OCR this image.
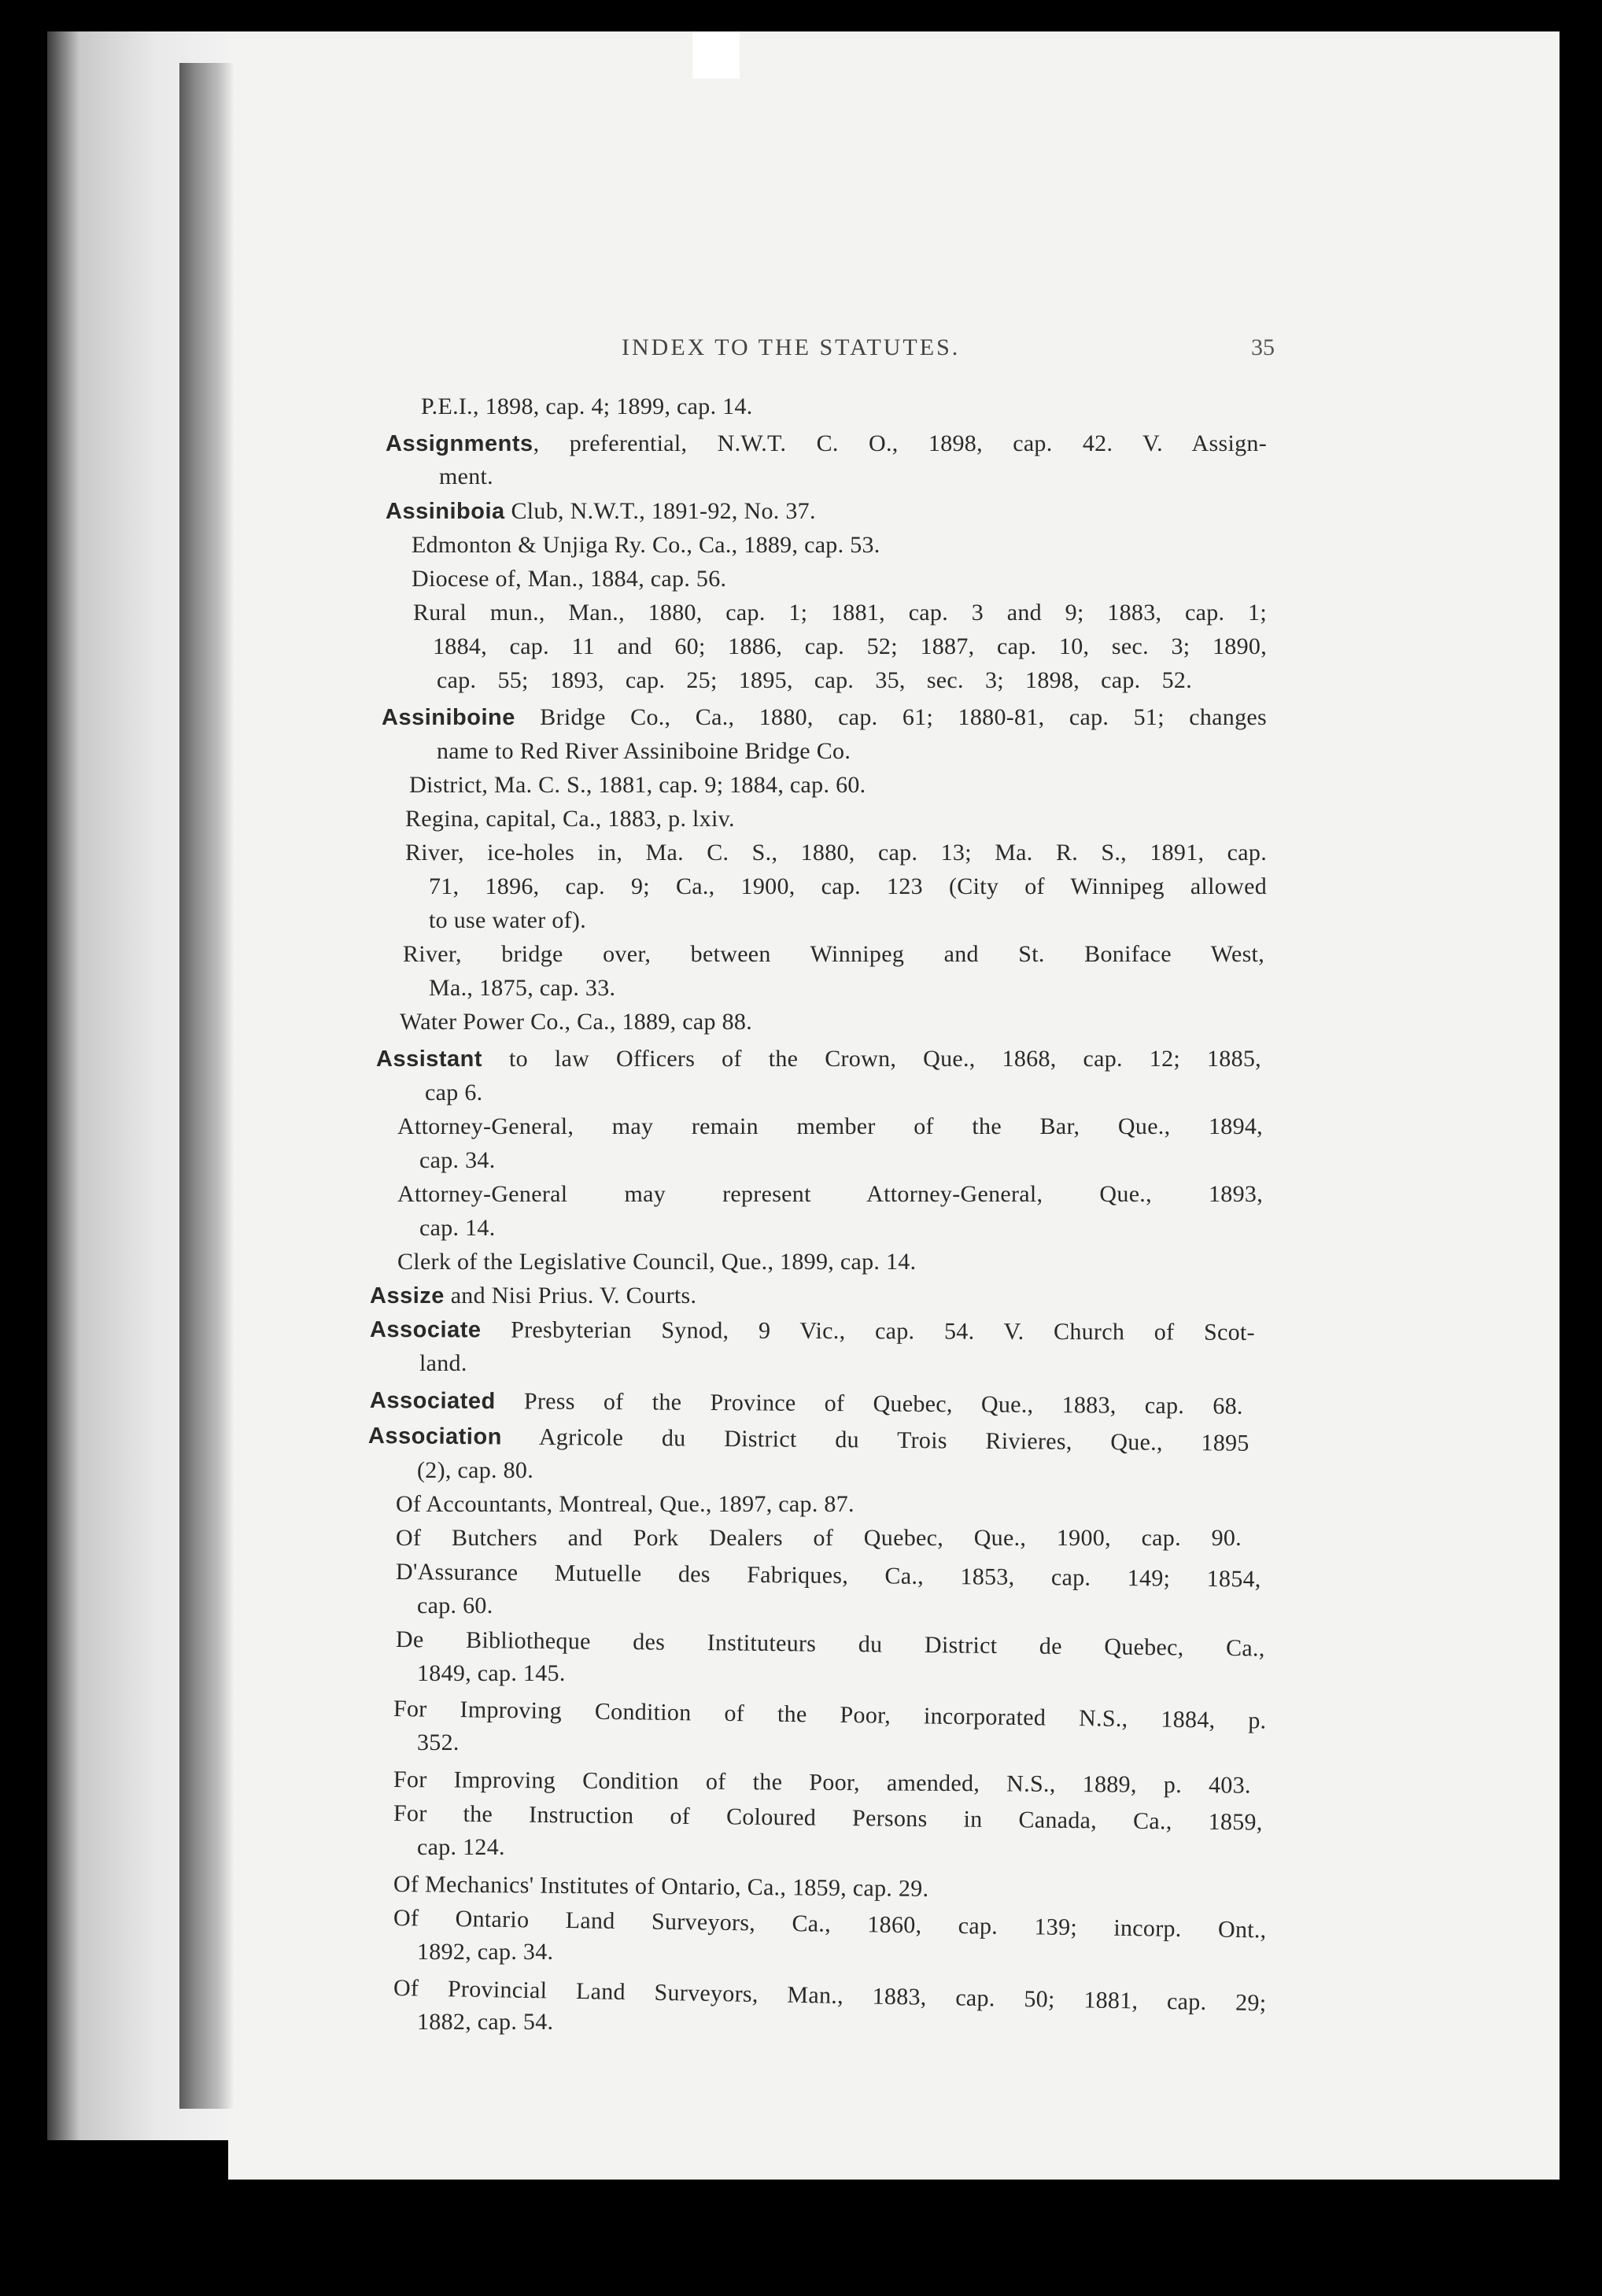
INDEX TO THE STATUTES.	35
P.E.I., 1898, cap. 4; 1899, cap. 14.
Assignments, preferential, N.W.T. C. O., 1898, cap. 42. V. Assign-
ment.
Assiniboia Club, N.W.T., 1891-92, No. 37.
Edmonton & Unjiga Ry. Co., Ca., 1889, cap. 53.
Diocese of, Man., 1884, cap. 56.
Rural mun., Man., 1880, cap. 1; 1881, cap. 3 and 9; 1883, cap. 1;
1884, cap. 11 and 60; 1886, cap. 52; 1887, cap. 10, sec. 3; 1890,
cap. 55; 1893, cap. 25; 1895, cap. 35, sec. 3; 1898, cap. 52.
Assiniboine Bridge Co., Ca., 1880, cap. 61; 1880-81, cap. 51; changes
name to Red River Assiniboine Bridge Co.
District, Ma. C. S., 1881, cap. 9; 1884, cap. 60.
Regina, capital, Ca., 1883, p. lxiv.
River, ice-holes in, Ma. C. S., 1880, cap. 13; Ma. R. S., 1891, cap.
71, 1896, cap. 9; Ca., 1900, cap. 123 (City of Winnipeg allowed
to use water of).
River, bridge over, between Winnipeg and St. Boniface West,
Ma., 1875, cap. 33.
Water Power Co., Ca., 1889, cap 88.
Assistant to law Officers of the Crown, Que., 1868, cap. 12; 1885,
cap 6.
Attorney-General, may remain member of the Bar, Que., 1894,
cap. 34.
Attorney-General may represent Attorney-General, Que., 1893,
cap. 14.
Clerk of the Legislative Council, Que., 1899, cap. 14.
Assize and Nisi Prius. V. Courts.
Associate Presbyterian Synod, 9 Vic., cap. 54. V. Church of Scot-
land.
Associated Press of the Province of Quebec, Que., 1883, cap. 68.
Association Agricole du District du Trois Rivieres, Que., 1895
(2), cap. 80.
Of Accountants, Montreal, Que., 1897, cap. 87.
Of Butchers and Pork Dealers of Quebec, Que., 1900, cap. 90.
D'Assurance Mutuelle des Fabriques, Ca., 1853, cap. 149; 1854,
cap. 60.
De Bibliotheque des Instituteurs du District de Quebec, Ca.,
1849, cap. 145.
For Improving Condition of the Poor, incorporated N.S., 1884, p.
352.
For Improving Condition of the Poor, amended, N.S., 1889, p. 403.
For the Instruction of Coloured Persons in Canada, Ca., 1859,
cap. 124.
Of Mechanics' Institutes of Ontario, Ca., 1859, cap. 29.
Of Ontario Land Surveyors, Ca., 1860, cap. 139; incorp. Ont.,
1892, cap. 34.
Of Provincial Land Surveyors, Man., 1883, cap. 50; 1881, cap. 29;
1882, cap. 54.
